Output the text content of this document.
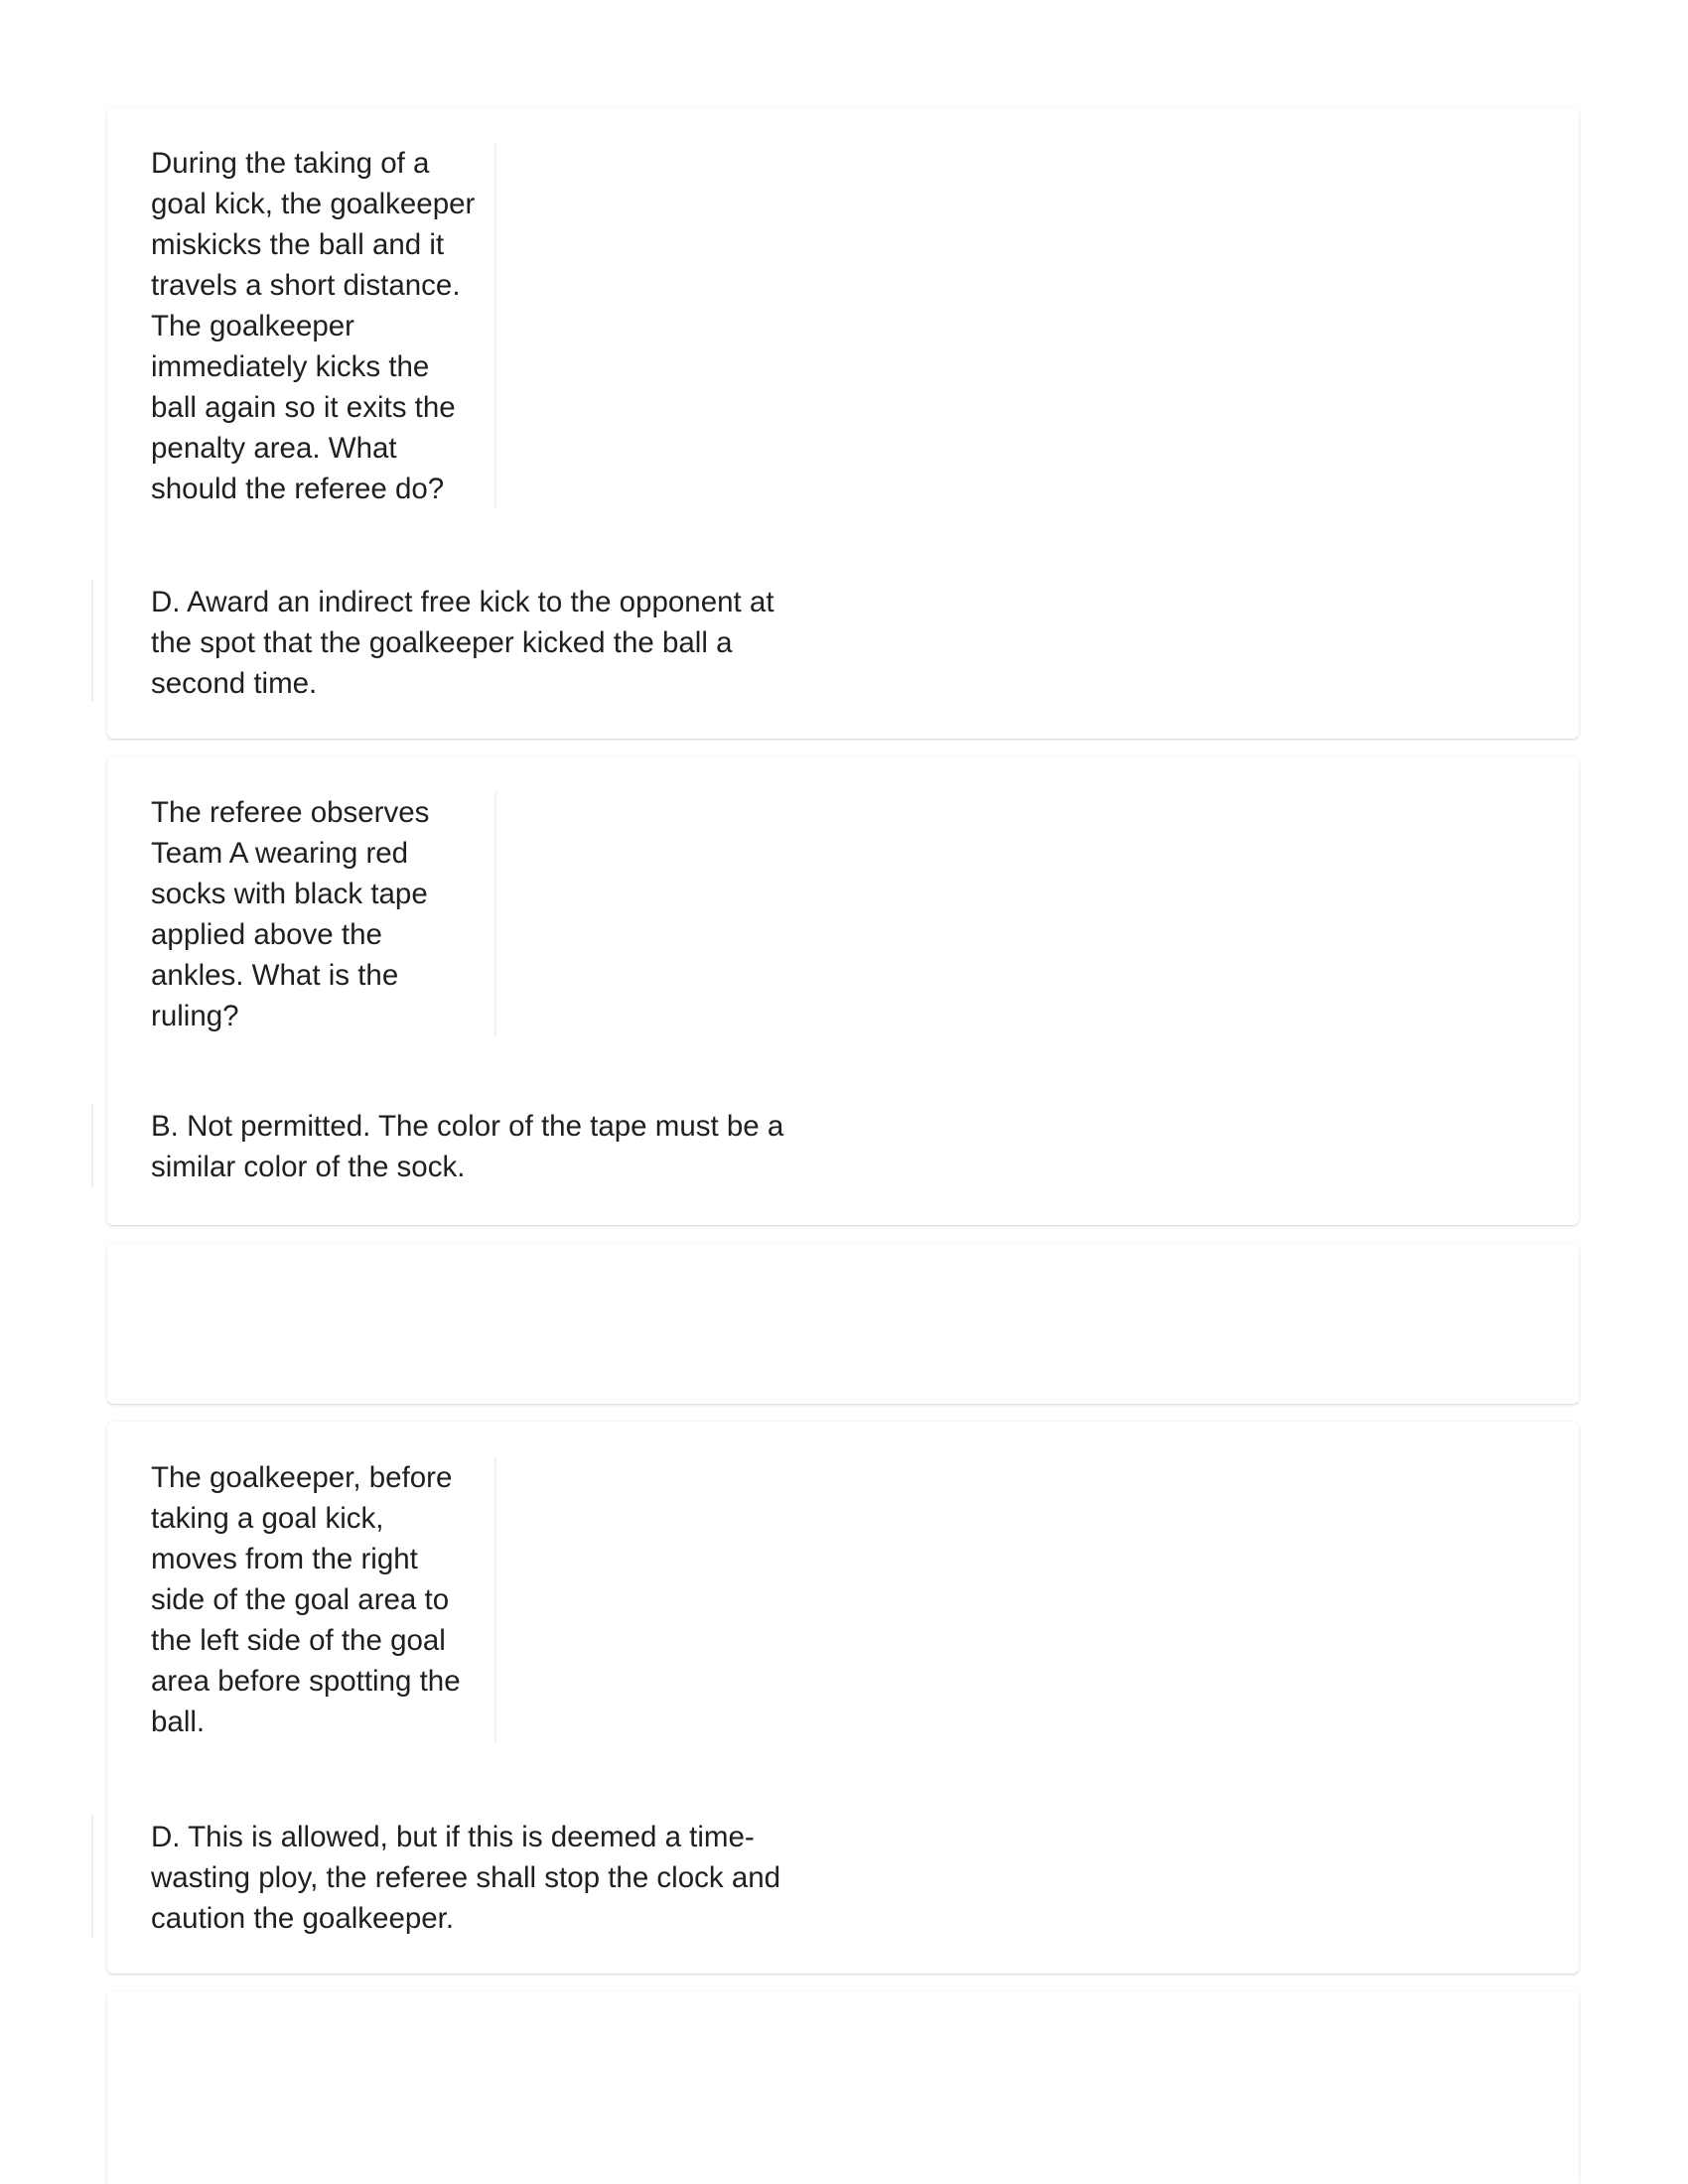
During the taking of a
goal kick, the goalkeeper
miskicks the ball and it
travels a short distance.
The goalkeeper
immediately kicks the
ball again so it exits the
penalty area. What
should the referee do?
D. Award an indirect free kick to the opponent at
the spot that the goalkeeper kicked the ball a
second time.
The referee observes
Team A wearing red
socks with black tape
applied above the
ankles. What is the
ruling?
B. Not permitted. The color of the tape must be a
similar color of the sock.
The goalkeeper, before
taking a goal kick,
moves from the right
side of the goal area to
the left side of the goal
area before spotting the
ball.
D. This is allowed, but if this is deemed a time-
wasting ploy, the referee shall stop the clock and
caution the goalkeeper.
